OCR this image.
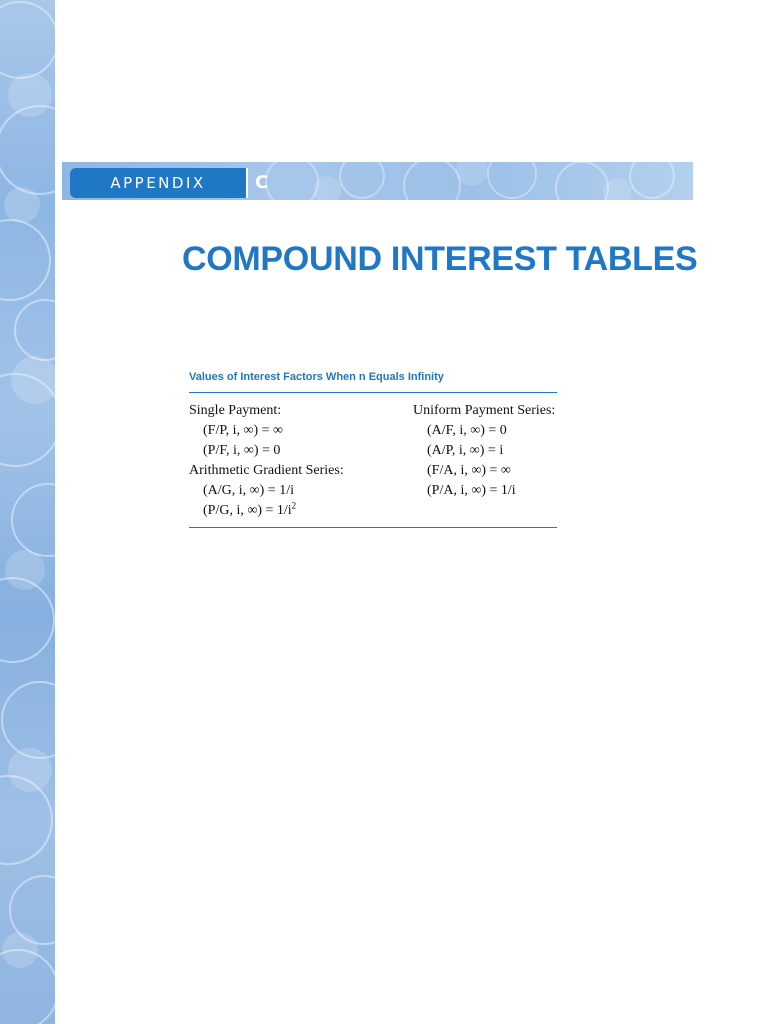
APPENDIX	C
COMPOUND INTEREST TABLES
Values of Interest Factors When n Equals Infinity
Single Payment:
(F/P, i, ∞) = ∞
(P/F, i, ∞) = 0
Arithmetic Gradient Series:
(A/G, i, ∞) = 1/i
(P/G, i, ∞) = $1/i^2$
Uniform Payment Series:
(A/F, i, ∞) = 0
(A/P, i, ∞) = i
(F/A, i, ∞) = ∞
(P/A, i, ∞) = 1/i
